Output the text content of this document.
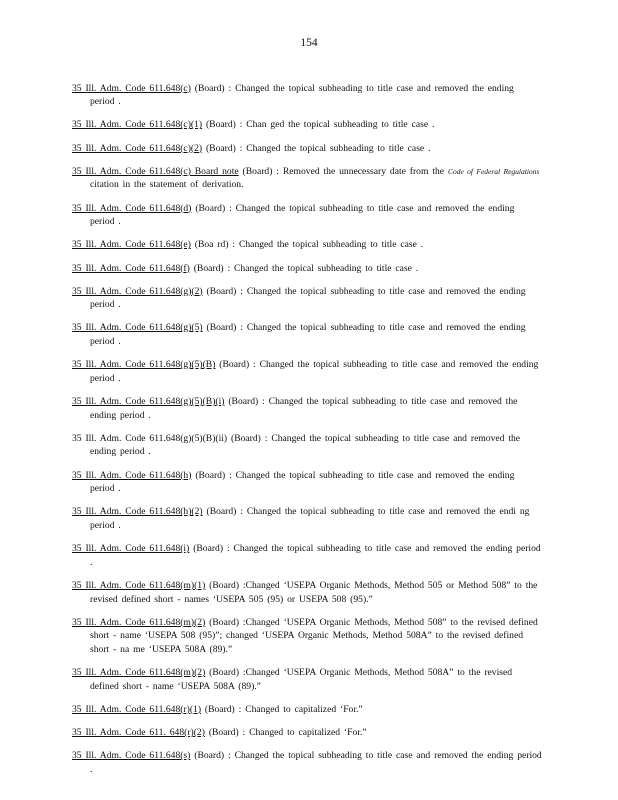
154

35 Ill. Adm. Code 611.648(c) (Board) : Changed the topical subheading to title case and removed the ending period .

35 Ill. Adm. Code 611.648(c)(1) (Board) : Chan ged the topical subheading to title case .

35 Ill. Adm. Code 611.648(c)(2) (Board) : Changed the topical subheading to title case .

35 Ill. Adm. Code 611.648(c) Board note (Board) : Removed the unnecessary date from the Code of Federal Regulations citation in the statement of derivation.

35 Ill. Adm. Code 611.648(d) (Board) : Changed the topical subheading to title case and removed the ending period .

35 Ill. Adm. Code 611.648(e) (Boa rd) : Changed the topical subheading to title case .

35 Ill. Adm. Code 611.648(f) (Board) : Changed the topical subheading to title case .

35 Ill. Adm. Code 611.648(g)(2) (Board) : Changed the topical subheading to title case and removed the ending period .

35 Ill. Adm. Code 611.648(g)(5) (Board) : Changed the topical subheading to title case and removed the ending period .

35 Ill. Adm. Code 611.648(g)(5)(B) (Board) : Changed the topical subheading to title case and removed the ending period .

35 Ill. Adm. Code 611.648(g)(5)(B)(i) (Board) : Changed the topical subheading to title case and removed the ending period .

35 Ill. Adm. Code 611.648(g)(5)(B)(ii) (Board) : Changed the topical subheading to title case and removed the ending period .

35 Ill. Adm. Code 611.648(h) (Board) : Changed the topical subheading to title case and removed the ending period .

35 Ill. Adm. Code 611.648(h)(2) (Board) : Changed the topical subheading to title case and removed the endi ng period .

35 Ill. Adm. Code 611.648(i) (Board) : Changed the topical subheading to title case and removed the ending period .

35 Ill. Adm. Code 611.648(m)(1) (Board) :Changed ‘USEPA Organic Methods, Method 505 or Method 508” to the revised defined short - names ‘USEPA 505 (95) or USEPA 508 (95).”

35 Ill. Adm. Code 611.648(m)(2) (Board) :Changed ‘USEPA Organic Methods, Method 508” to the revised defined short - name ‘USEPA 508 (95)”; changed ‘USEPA Organic Methods, Method 508A” to the revised defined short - na me ‘USEPA 508A (89).”

35 Ill. Adm. Code 611.648(m)(2) (Board) :Changed ‘USEPA Organic Methods, Method 508A” to the revised defined short - name ‘USEPA 508A (89).”

35 Ill. Adm. Code 611.648(r)(1) (Board) : Changed to capitalized ‘For.”

35 Ill. Adm. Code 611. 648(r)(2) (Board) : Changed to capitalized ‘For.”

35 Ill. Adm. Code 611.648(s) (Board) : Changed the topical subheading to title case and removed the ending period .
